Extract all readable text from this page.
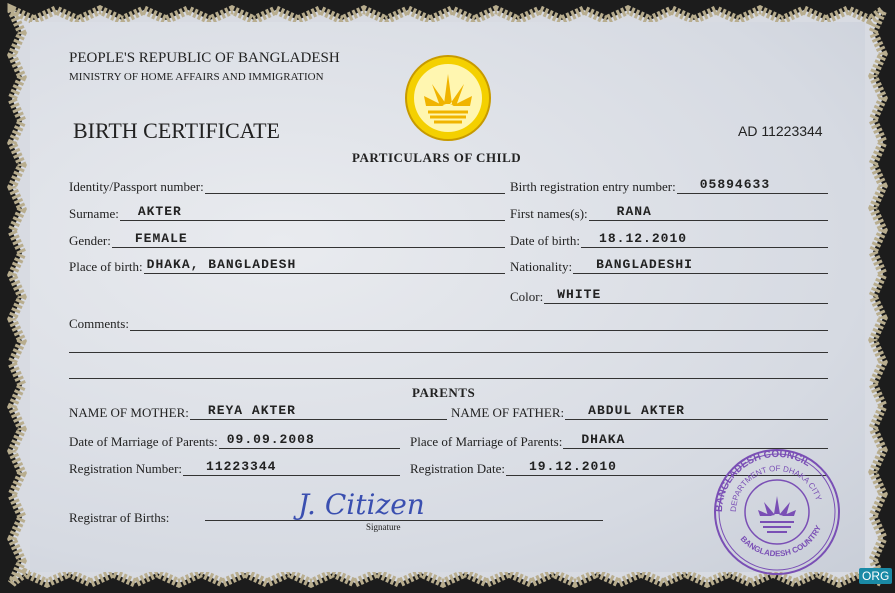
PEOPLE'S REPUBLIC OF BANGLADESH
MINISTRY OF HOME AFFAIRS AND IMMIGRATION
BIRTH CERTIFICATE	AD 11223344
PARTICULARS OF CHILD
Identity/Passport number:	Birth registration entry number: 05894633
Surname: AKTER	First names(s): RANA
Gender: FEMALE	Date of birth: 18.12.2010
Place of birth: DHAKA, BANGLADESH	Nationality: BANGLADESHI
Color: WHITE
Comments:
NAME OF MOTHER: REYA AKTER	NAME OF FATHER: ABDUL AKTER
Date of Marriage of Parents: 09.09.2008	Place of Marriage of Parents: DHAKA
Registration Number: 11223344	Registration Date: 19.12.2010
PARENTS
Registrar of Births:	J. Citizen
Signature
BANGLADESH COUNCIL
DEPARTMENT OF DHAKA CITY
BANGLADESH COUNTRY
ORG
